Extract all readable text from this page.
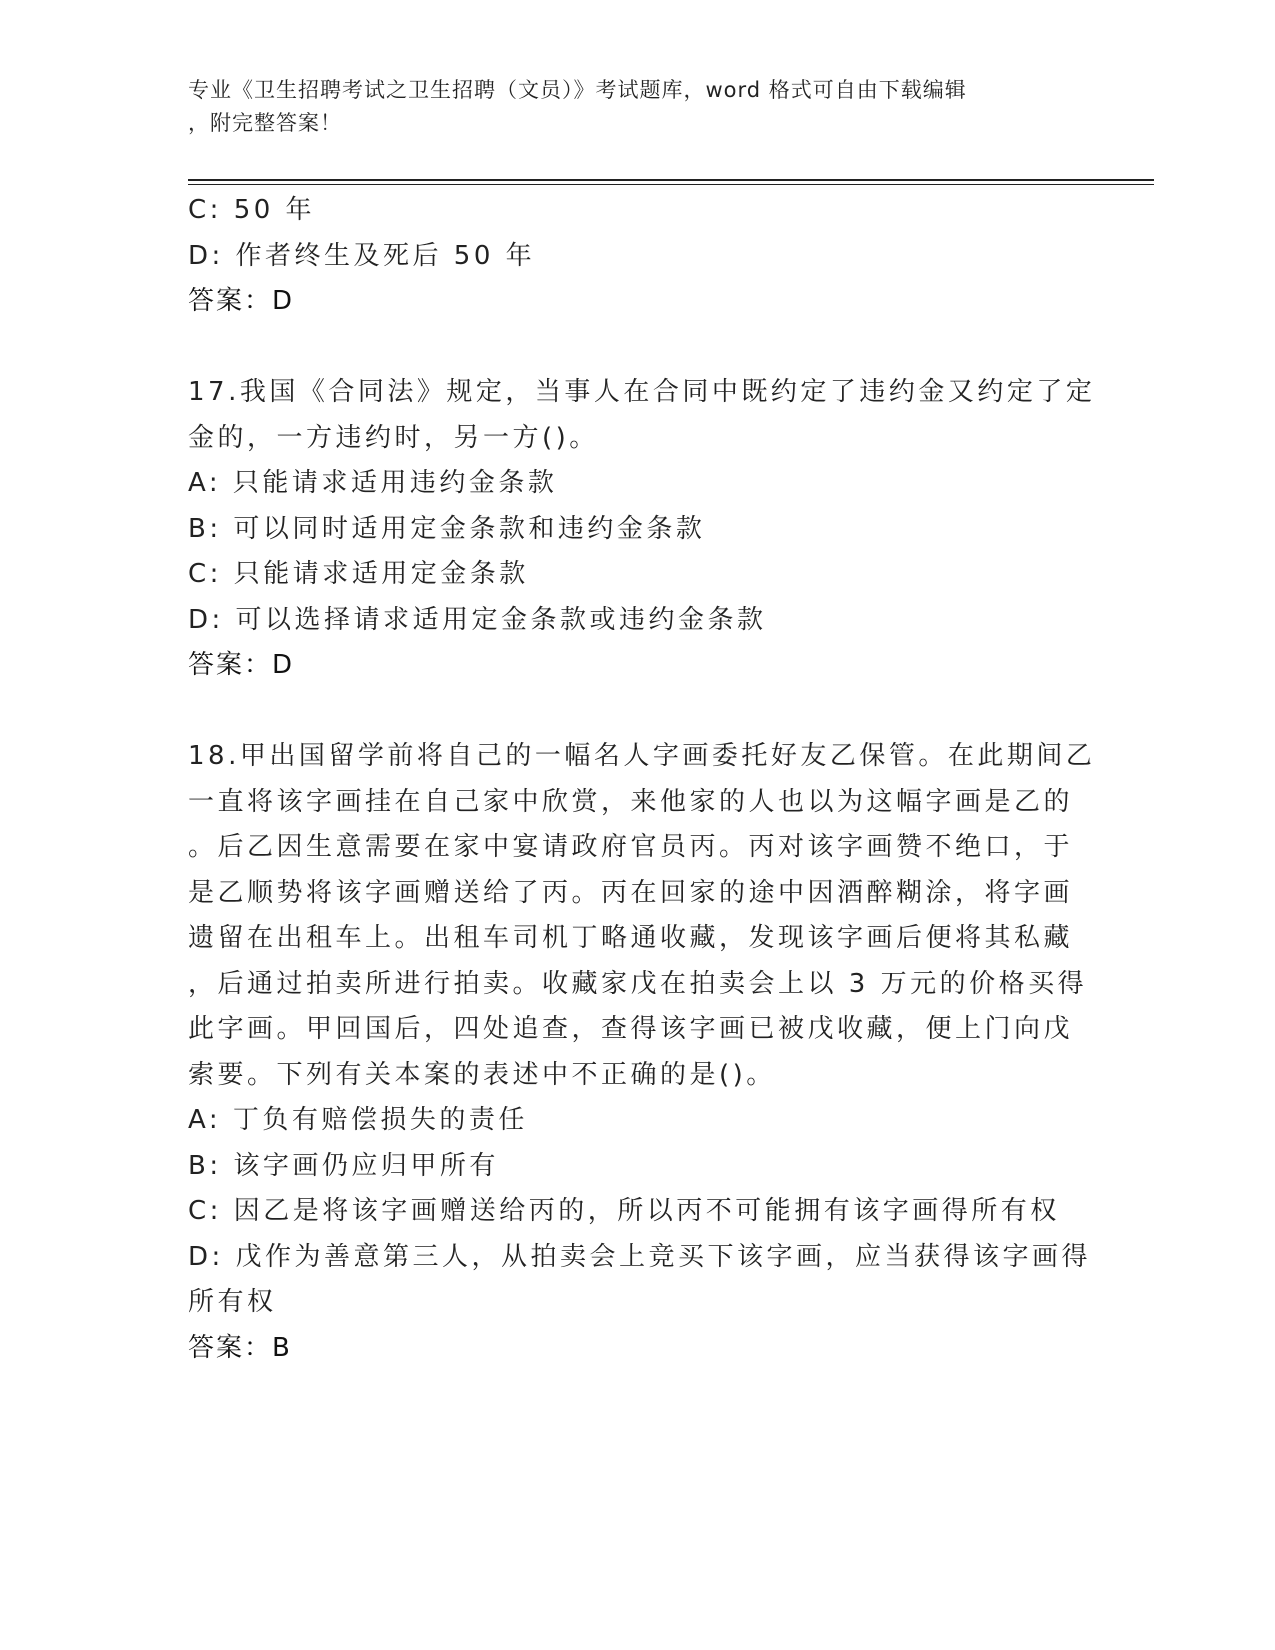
专业《卫生招聘考试之卫生招聘（文员）》考试题库，word 格式可自由下载编辑
，附完整答案！
C: 50 年
D: 作者终生及死后 50 年
答案：D
17.我国《合同法》规定，当事人在合同中既约定了违约金又约定了定
金的，一方违约时，另一方()。
A: 只能请求适用违约金条款
B: 可以同时适用定金条款和违约金条款
C: 只能请求适用定金条款
D: 可以选择请求适用定金条款或违约金条款
答案：D
18.甲出国留学前将自己的一幅名人字画委托好友乙保管。在此期间乙
一直将该字画挂在自己家中欣赏，来他家的人也以为这幅字画是乙的
。后乙因生意需要在家中宴请政府官员丙。丙对该字画赞不绝口，于
是乙顺势将该字画赠送给了丙。丙在回家的途中因酒醉糊涂，将字画
遗留在出租车上。出租车司机丁略通收藏，发现该字画后便将其私藏
，后通过拍卖所进行拍卖。收藏家戊在拍卖会上以 3 万元的价格买得
此字画。甲回国后，四处追查，查得该字画已被戊收藏，便上门向戊
索要。下列有关本案的表述中不正确的是()。
A: 丁负有赔偿损失的责任
B: 该字画仍应归甲所有
C: 因乙是将该字画赠送给丙的，所以丙不可能拥有该字画得所有权
D: 戊作为善意第三人，从拍卖会上竞买下该字画，应当获得该字画得
所有权
答案：B
